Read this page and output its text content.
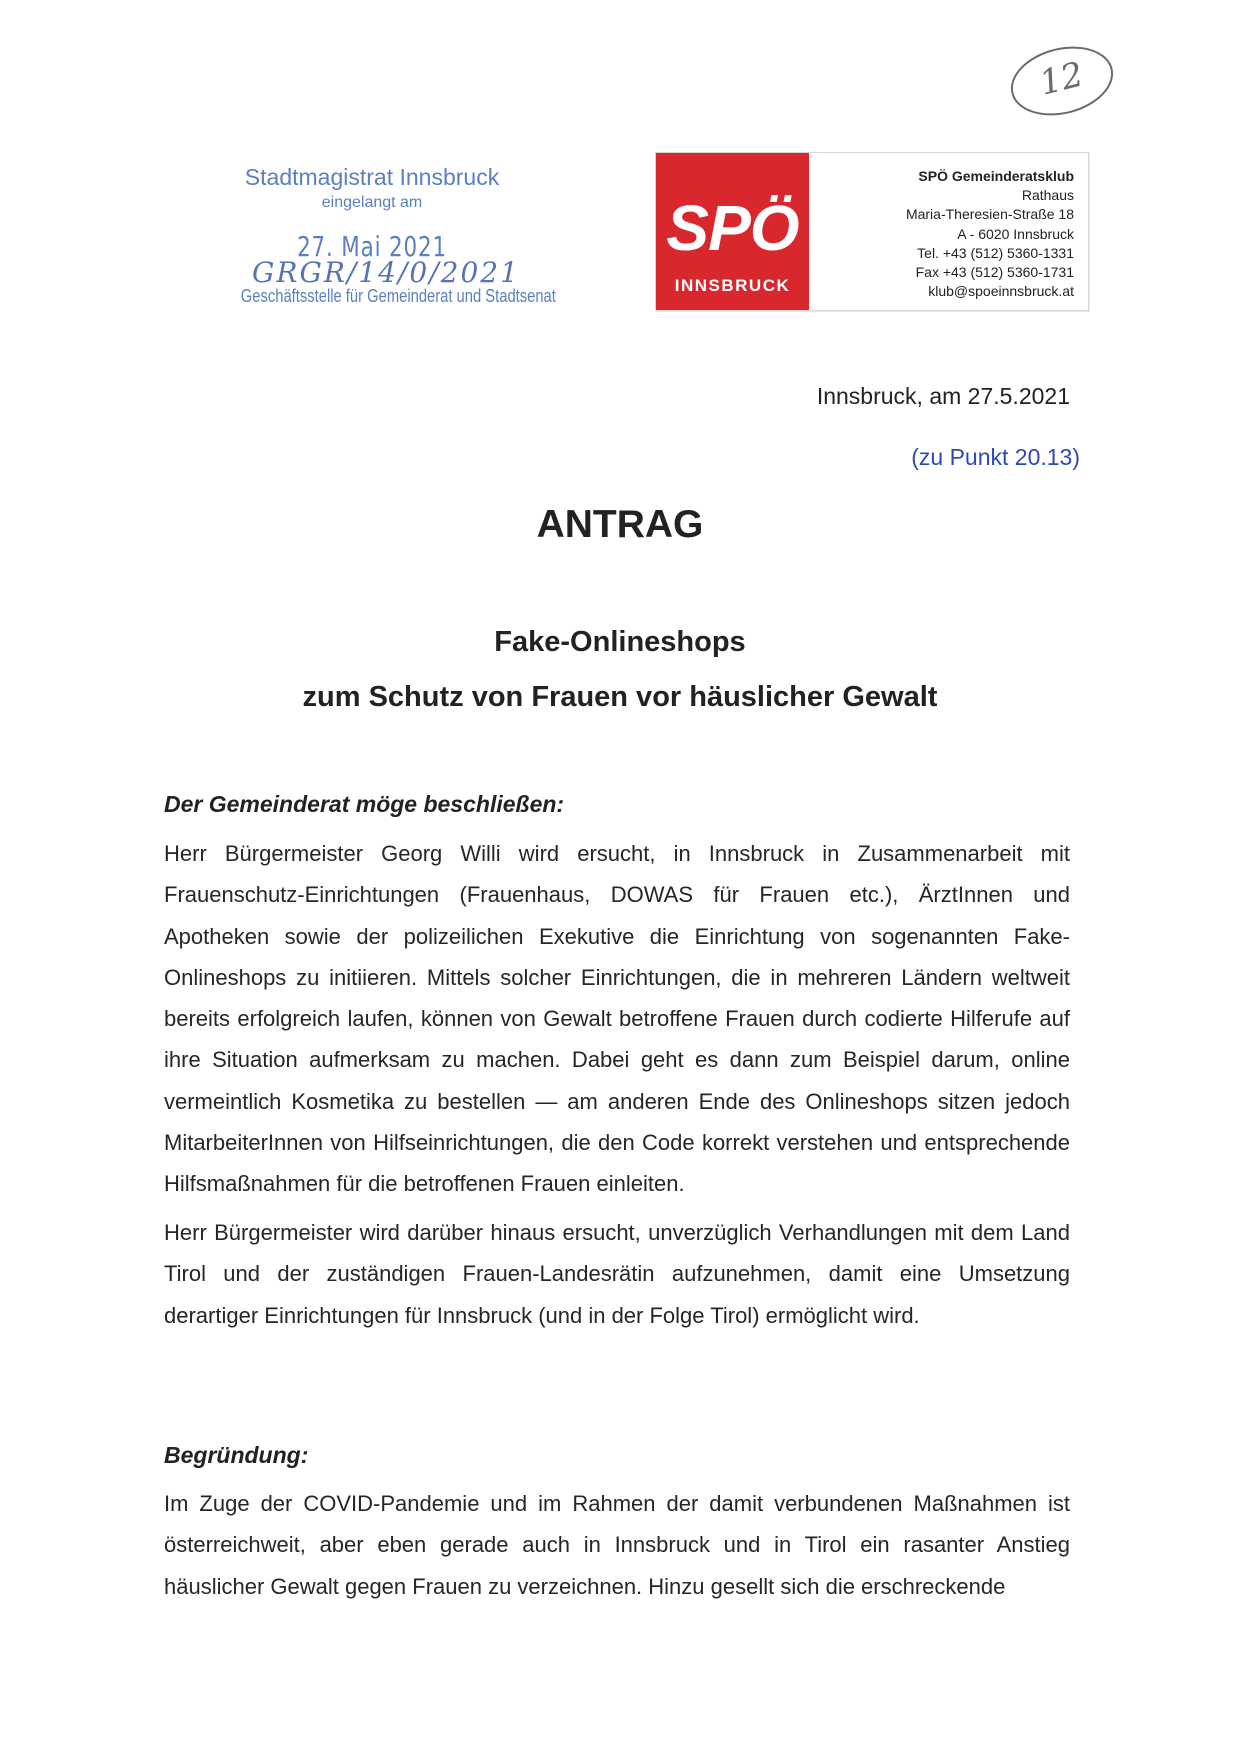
12
Stadtmagistrat Innsbruck
eingelangt am
27. Mai 2021
GRGR/14/0/2021
Geschäftsstelle für Gemeinderat und Stadtsenat
SPÖ
INNSBRUCK
SPÖ Gemeinderatsklub
Rathaus
Maria-Theresien-Straße 18
A - 6020 Innsbruck
Tel. +43 (512) 5360-1331
Fax +43 (512) 5360-1731
klub@spoeinnsbruck.at
Innsbruck, am 27.5.2021
(zu Punkt 20.13)
ANTRAG
Fake-Onlineshops
zum Schutz von Frauen vor häuslicher Gewalt
Der Gemeinderat möge beschließen:

Herr Bürgermeister Georg Willi wird ersucht, in Innsbruck in Zusammenarbeit mit Frauenschutz-Einrichtungen (Frauenhaus, DOWAS für Frauen etc.), ÄrztInnen und Apotheken sowie der polizeilichen Exekutive die Einrichtung von sogenannten Fake-Onlineshops zu initiieren. Mittels solcher Einrichtungen, die in mehreren Ländern weltweit bereits erfolgreich laufen, können von Gewalt betroffene Frauen durch codierte Hilferufe auf ihre Situation aufmerksam zu machen. Dabei geht es dann zum Beispiel darum, online vermeintlich Kosmetika zu bestellen — am anderen Ende des Onlineshops sitzen jedoch MitarbeiterInnen von Hilfseinrichtungen, die den Code korrekt verstehen und entsprechende Hilfsmaßnahmen für die betroffenen Frauen einleiten.

Herr Bürgermeister wird darüber hinaus ersucht, unverzüglich Verhandlungen mit dem Land Tirol und der zuständigen Frauen-Landesrätin aufzunehmen, damit eine Umsetzung derartiger Einrichtungen für Innsbruck (und in der Folge Tirol) ermöglicht wird.

Begründung:

Im Zuge der COVID-Pandemie und im Rahmen der damit verbundenen Maßnahmen ist österreichweit, aber eben gerade auch in Innsbruck und in Tirol ein rasanter Anstieg häuslicher Gewalt gegen Frauen zu verzeichnen. Hinzu gesellt sich die erschreckende
